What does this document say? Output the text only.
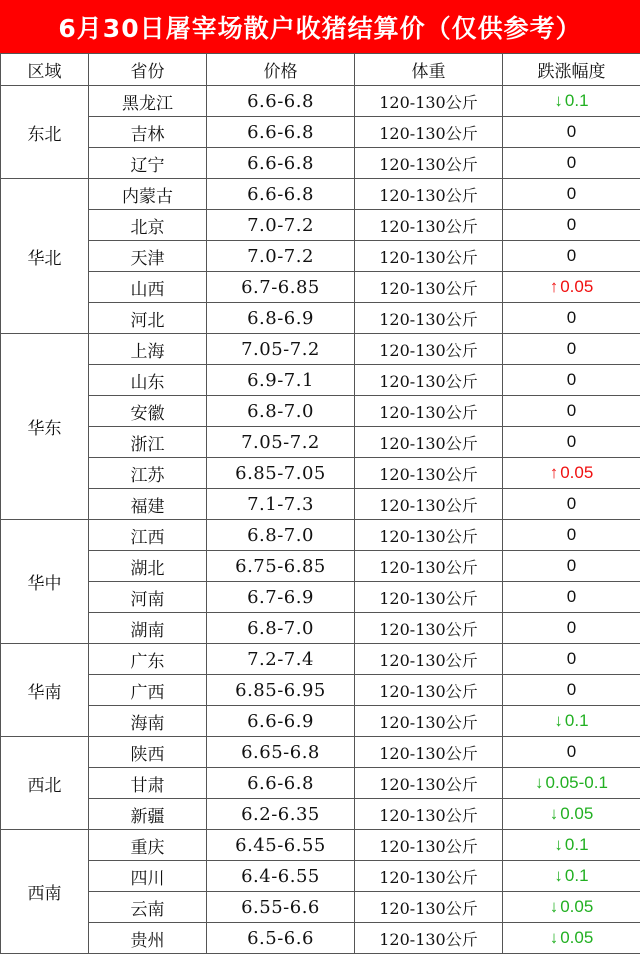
6月30日屠宰场散户收猪结算价（仅供参考）
区域	省份	价格	体重	跌涨幅度
东北	黑龙江	6.6-6.8	120-130公斤	↓ 0.1
	吉林	6.6-6.8	120-130公斤	0
	辽宁	6.6-6.8	120-130公斤	0
华北	内蒙古	6.6-6.8	120-130公斤	0
	北京	7.0-7.2	120-130公斤	0
	天津	7.0-7.2	120-130公斤	0
	山西	6.7-6.85	120-130公斤	↑ 0.05
	河北	6.8-6.9	120-130公斤	0
华东	上海	7.05-7.2	120-130公斤	0
	山东	6.9-7.1	120-130公斤	0
	安徽	6.8-7.0	120-130公斤	0
	浙江	7.05-7.2	120-130公斤	0
	江苏	6.85-7.05	120-130公斤	↑ 0.05
	福建	7.1-7.3	120-130公斤	0
华中	江西	6.8-7.0	120-130公斤	0
	湖北	6.75-6.85	120-130公斤	0
	河南	6.7-6.9	120-130公斤	0
	湖南	6.8-7.0	120-130公斤	0
华南	广东	7.2-7.4	120-130公斤	0
	广西	6.85-6.95	120-130公斤	0
	海南	6.6-6.9	120-130公斤	↓ 0.1
西北	陕西	6.65-6.8	120-130公斤	0
	甘肃	6.6-6.8	120-130公斤	↓ 0.05-0.1
	新疆	6.2-6.35	120-130公斤	↓ 0.05
西南	重庆	6.45-6.55	120-130公斤	↓ 0.1
	四川	6.4-6.55	120-130公斤	↓ 0.1
	云南	6.55-6.6	120-130公斤	↓ 0.05
	贵州	6.5-6.6	120-130公斤	↓ 0.05
